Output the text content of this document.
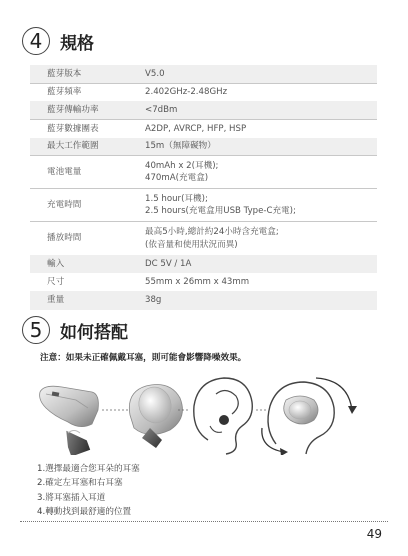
4	規格
藍芽版本	V5.0
藍芽頻率	2.402GHz-2.48GHz
藍芽傳輸功率	<7dBm
藍芽數據團表	A2DP, AVRCP, HFP, HSP
最大工作範圍	15m（無障礙物）
電池電量	40mAh x 2(耳機);
470mA(充電盒)

充電時間	1.5 hour(耳機);
2.5 hours(充電盒用USB Type-C充電);

播放時間	最高5小時,總計約24小時含充電盒;
(依音量和使用狀況而異)

輸入	DC 5V / 1A
尺寸	55mm x 26mm x 43mm
重量	38g
5	如何搭配
注意：如果未正確佩戴耳塞，則可能會影響降噪效果。
1.選擇最適合您耳朵的耳塞
2.確定左耳塞和右耳塞
3.將耳塞插入耳道
4.轉動找到最舒適的位置
49
